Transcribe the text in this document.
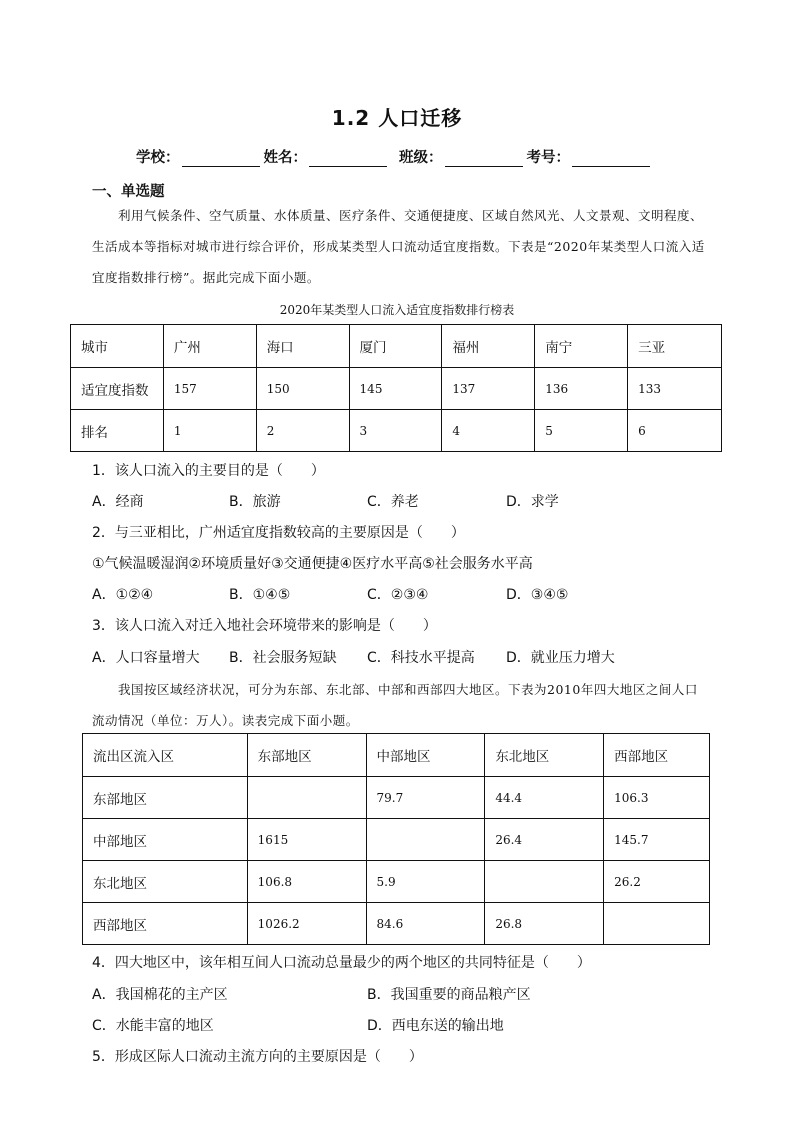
1.2 人口迁移
学校：	姓名：	班级：	考号：
一、单选题
利用气候条件、空气质量、水体质量、医疗条件、交通便捷度、区域自然风光、人文景观、文明程度、生活成本等指标对城市进行综合评价，形成某类型人口流动适宜度指数。下表是“2020年某类型人口流入适宜度指数排行榜”。据此完成下面小题。
2020年某类型人口流入适宜度指数排行榜表
城市	广州	海口	厦门	福州	南宁	三亚
适宜度指数	157	150	145	137	136	133
排名	1	2	3	4	5	6
1．该人口流入的主要目的是（　　）
A．经商	B．旅游	C．养老	D．求学
2．与三亚相比，广州适宜度指数较高的主要原因是（　　）
①气候温暖湿润②环境质量好③交通便捷④医疗水平高⑤社会服务水平高
A．①②④	B．①④⑤	C．②③④	D．③④⑤
3．该人口流入对迁入地社会环境带来的影响是（　　）
A．人口容量增大 B．社会服务短缺 C．科技水平提高 D．就业压力增大
我国按区域经济状况，可分为东部、东北部、中部和西部四大地区。下表为2010年四大地区之间人口流动情况（单位：万人）。读表完成下面小题。
流出区流入区	东部地区	中部地区	东北地区	西部地区
东部地区		79.7	44.4	106.3
中部地区	1615		26.4	145.7
东北地区	106.8	5.9		26.2
西部地区	1026.2	84.6	26.8	
4．四大地区中，该年相互间人口流动总量最少的两个地区的共同特征是（　　）
A．我国棉花的主产区	B．我国重要的商品粮产区
C．水能丰富的地区	D．西电东送的输出地
5．形成区际人口流动主流方向的主要原因是（　　）
